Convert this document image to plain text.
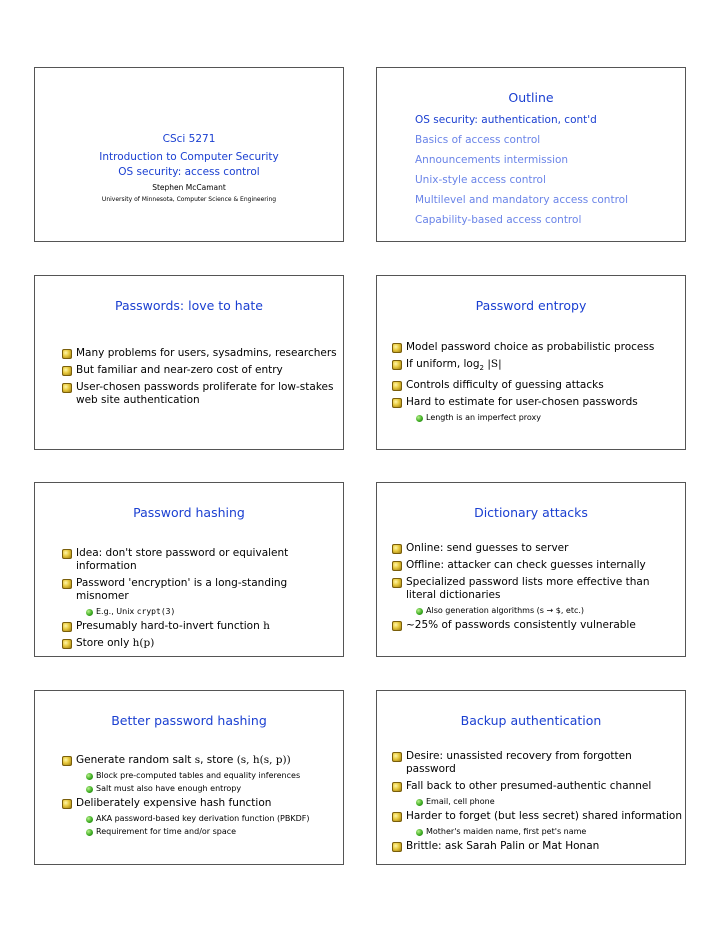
CSci 5271
Introduction to Computer Security
OS security: access control
Stephen McCamant
University of Minnesota, Computer Science & Engineering
Outline
OS security: authentication, cont'd
Basics of access control
Announcements intermission
Unix-style access control
Multilevel and mandatory access control
Capability-based access control
Passwords: love to hate
Many problems for users, sysadmins, researchers
But familiar and near-zero cost of entry
User-chosen passwords proliferate for low-stakes web site authentication
Password entropy
Model password choice as probabilistic process
If uniform, $\log_2 |S|$
Controls difficulty of guessing attacks
Hard to estimate for user-chosen passwords
Length is an imperfect proxy
Password hashing
Idea: don't store password or equivalent information
Password 'encryption' is a long-standing misnomer
E.g., Unix crypt(3)
Presumably hard-to-invert function h
Store only h(p)
Dictionary attacks
Online: send guesses to server
Offline: attacker can check guesses internally
Specialized password lists more effective than literal dictionaries
Also generation algorithms (s → $, etc.)
~25% of passwords consistently vulnerable
Better password hashing
Generate random salt s, store (s, h(s, p))
Block pre-computed tables and equality inferences
Salt must also have enough entropy
Deliberately expensive hash function
AKA password-based key derivation function (PBKDF)
Requirement for time and/or space
Backup authentication
Desire: unassisted recovery from forgotten password
Fall back to other presumed-authentic channel
Email, cell phone
Harder to forget (but less secret) shared information
Mother's maiden name, first pet's name
Brittle: ask Sarah Palin or Mat Honan
